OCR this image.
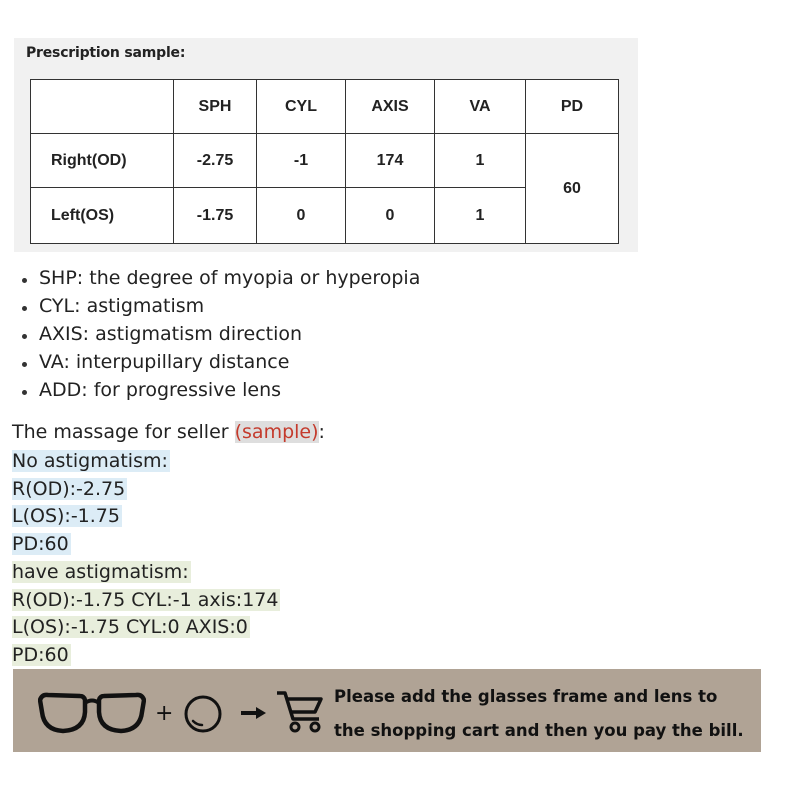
Prescription sample:
	SPH	CYL	AXIS	VA	PD
Right(OD)	-2.75	-1	174	1	60
Left(OS)	-1.75	0	0	1	
SHP: the degree of myopia or hyperopia
CYL: astigmatism
AXIS: astigmatism direction
VA: interpupillary distance
ADD: for progressive lens
The massage for seller (sample):
No astigmatism:
R(OD):-2.75
L(OS):-1.75
PD:60
have astigmatism:
R(OD):-1.75 CYL:-1 axis:174
L(OS):-1.75 CYL:0 AXIS:0
PD:60
+
Please add the glasses frame and lens to
the shopping cart and then you pay the bill.
